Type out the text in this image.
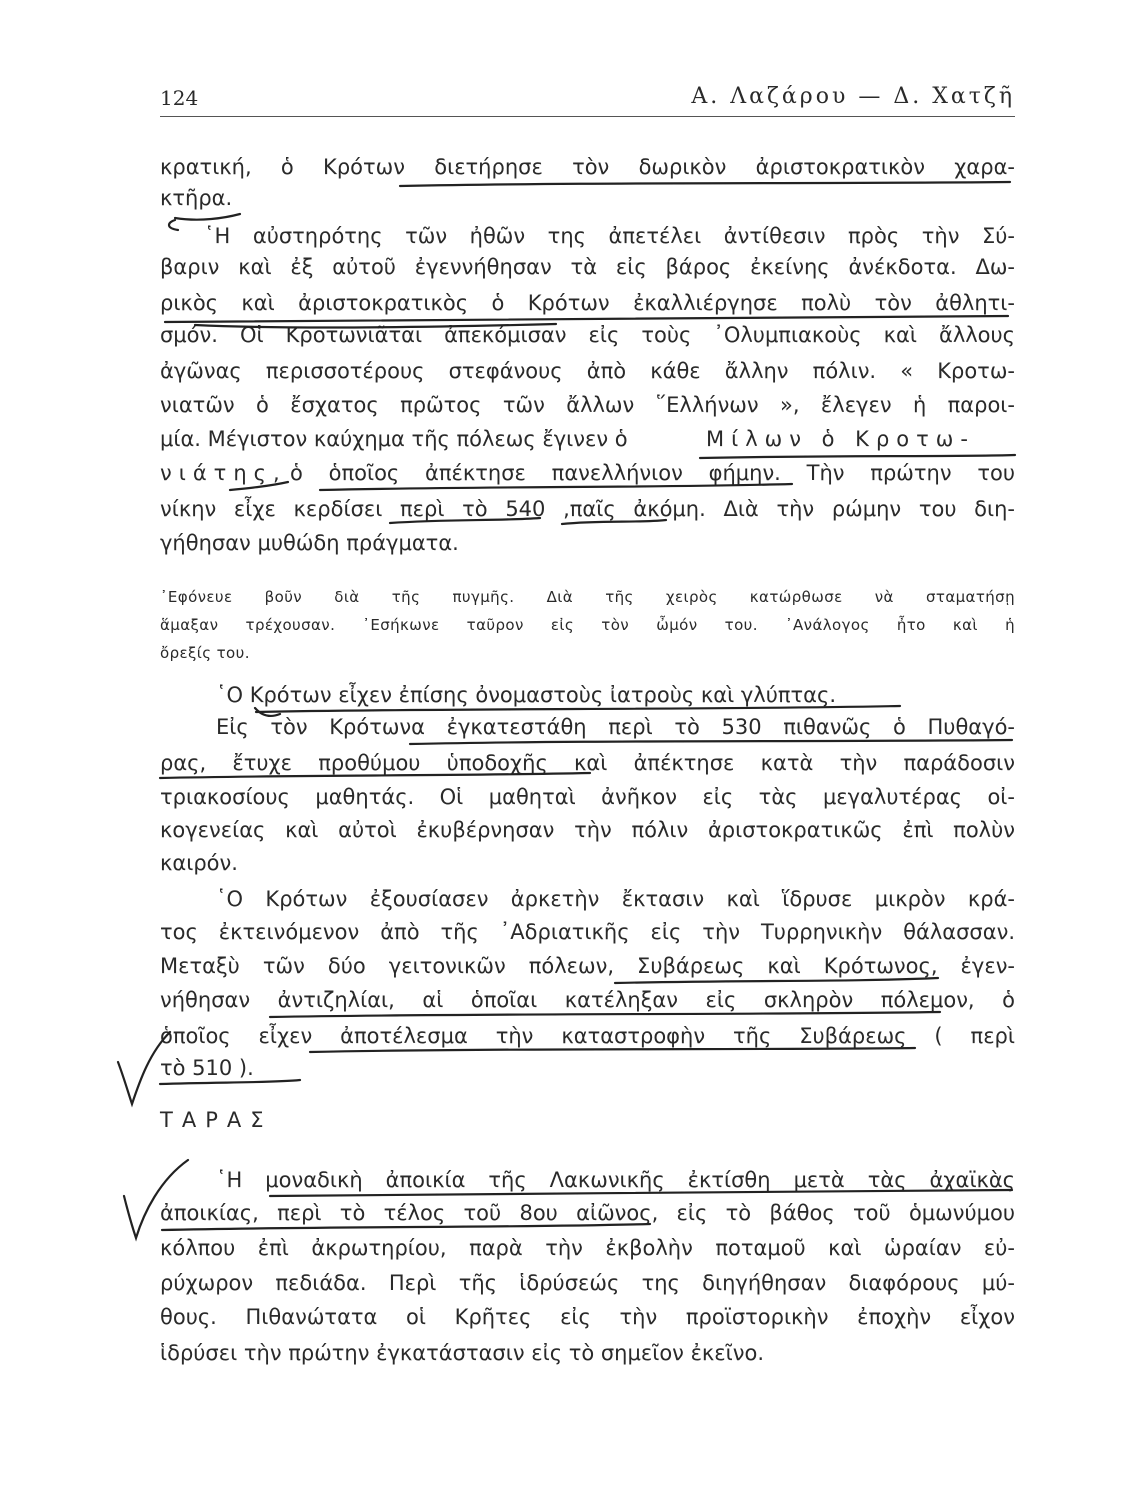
124	Α. Λαζάρου — Δ. Χατζῆ
κρατική, ὁ Κρότων διετήρησε τὸν δωρικὸν ἀριστοκρατικὸν χαρα-
κτῆρα.
῾Η αὐστηρότης τῶν ἠθῶν της ἀπετέλει ἀντίθεσιν πρὸς τὴν Σύ-
βαριν καὶ ἐξ αὐτοῦ ἐγεννήθησαν τὰ εἰς βάρος ἐκείνης ἀνέκδοτα. Δω-
ρικὸς καὶ ἀριστοκρατικὸς ὁ Κρότων ἐκαλλιέργησε πολὺ τὸν ἀθλητι-
σμόν. Οἱ Κροτωνιᾶται ἀπεκόμισαν εἰς τοὺς ᾿Ολυμπιακοὺς καὶ ἄλλους
ἀγῶνας περισσοτέρους στεφάνους ἀπὸ κάθε ἄλλην πόλιν. « Κροτω-
νιατῶν ὁ ἔσχατος πρῶτος τῶν ἄλλων ῞Ελλήνων », ἔλεγεν ἡ παροι-
μία. Μέγιστον καύχημα τῆς πόλεως ἔγινεν ὁ	Μίλων ὁ Κροτω-
νιάτης, ὁ ὁποῖος ἀπέκτησε πανελλήνιον φήμην. Τὴν πρώτην του
νίκην εἶχε κερδίσει περὶ τὸ 540 ,παῖς ἀκόμη. Διὰ τὴν ρώμην του διη-
γήθησαν μυθώδη πράγματα.
᾿Εφόνευε βοῦν διὰ τῆς πυγμῆς. Διὰ τῆς χειρὸς κατώρθωσε νὰ σταματήσῃ
ἅμαξαν τρέχουσαν. ᾿Εσήκωνε ταῦρον εἰς τὸν ὦμόν του. ᾿Ανάλογος ἦτο καὶ ἡ
ὄρεξίς του.
῾Ο Κρότων εἶχεν ἐπίσης ὀνομαστοὺς ἰατροὺς καὶ γλύπτας.
Εἰς τὸν Κρότωνα ἐγκατεστάθη περὶ τὸ 530 πιθανῶς ὁ Πυθαγό-
ρας, ἔτυχε προθύμου ὑποδοχῆς καὶ ἀπέκτησε κατὰ τὴν παράδοσιν
τριακοσίους μαθητάς. Οἱ μαθηταὶ ἀνῆκον εἰς τὰς μεγαλυτέρας οἰ-
κογενείας καὶ αὐτοὶ ἐκυβέρνησαν τὴν πόλιν ἀριστοκρατικῶς ἐπὶ πολὺν
καιρόν.
῾Ο Κρότων ἐξουσίασεν ἀρκετὴν ἔκτασιν καὶ ἵδρυσε μικρὸν κρά-
τος ἐκτεινόμενον ἀπὸ τῆς ᾿Αδριατικῆς εἰς τὴν Τυρρηνικὴν θάλασσαν.
Μεταξὺ τῶν δύο γειτονικῶν πόλεων, Συβάρεως καὶ Κρότωνος, ἐγεν-
νήθησαν ἀντιζηλίαι, αἱ ὁποῖαι κατέληξαν εἰς σκληρὸν πόλεμον, ὁ
ὁποῖος εἶχεν ἀποτέλεσμα τὴν καταστροφὴν τῆς Συβάρεως ( περὶ
τὸ 510 ).
ΤΑΡΑΣ
῾Η μοναδικὴ ἀποικία τῆς Λακωνικῆς ἐκτίσθη μετὰ τὰς ἀχαϊκὰς
ἀποικίας, περὶ τὸ τέλος τοῦ 8ου αἰῶνος, εἰς τὸ βάθος τοῦ ὁμωνύμου
κόλπου ἐπὶ ἀκρωτηρίου, παρὰ τὴν ἐκβολὴν ποταμοῦ καὶ ὡραίαν εὐ-
ρύχωρον πεδιάδα. Περὶ τῆς ἱδρύσεώς της διηγήθησαν διαφόρους μύ-
θους. Πιθανώτατα οἱ Κρῆτες εἰς τὴν προϊστορικὴν ἐποχὴν εἶχον
ἱδρύσει τὴν πρώτην ἐγκατάστασιν εἰς τὸ σημεῖον ἐκεῖνο.
